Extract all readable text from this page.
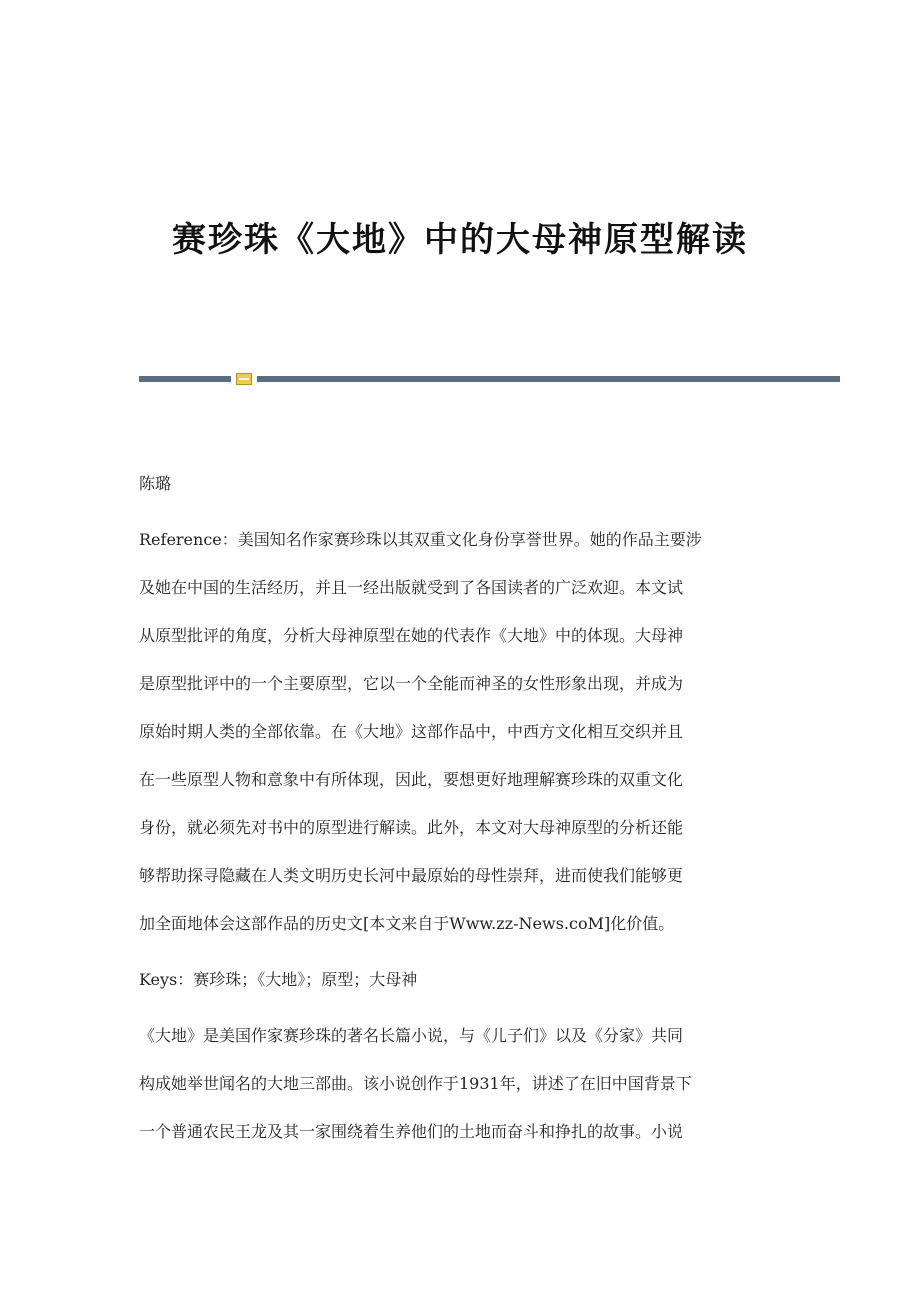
赛珍珠《大地》中的大母神原型解读

陈璐

Reference：美国知名作家赛珍珠以其双重文化身份享誉世界。她的作品主要涉
及她在中国的生活经历，并且一经出版就受到了各国读者的广泛欢迎。本文试
从原型批评的角度，分析大母神原型在她的代表作《大地》中的体现。大母神
是原型批评中的一个主要原型，它以一个全能而神圣的女性形象出现，并成为
原始时期人类的全部依靠。在《大地》这部作品中，中西方文化相互交织并且
在一些原型人物和意象中有所体现，因此，要想更好地理解赛珍珠的双重文化
身份，就必须先对书中的原型进行解读。此外，本文对大母神原型的分析还能
够帮助探寻隐藏在人类文明历史长河中最原始的母性崇拜，进而使我们能够更
加全面地体会这部作品的历史文[本文来自于Www.zz-News.coM]化价值。
Keys：赛珍珠；《大地》；原型；大母神
《大地》是美国作家赛珍珠的著名长篇小说，与《儿子们》以及《分家》共同
构成她举世闻名的大地三部曲。该小说创作于1931年，讲述了在旧中国背景下
一个普通农民王龙及其一家围绕着生养他们的土地而奋斗和挣扎的故事。小说
